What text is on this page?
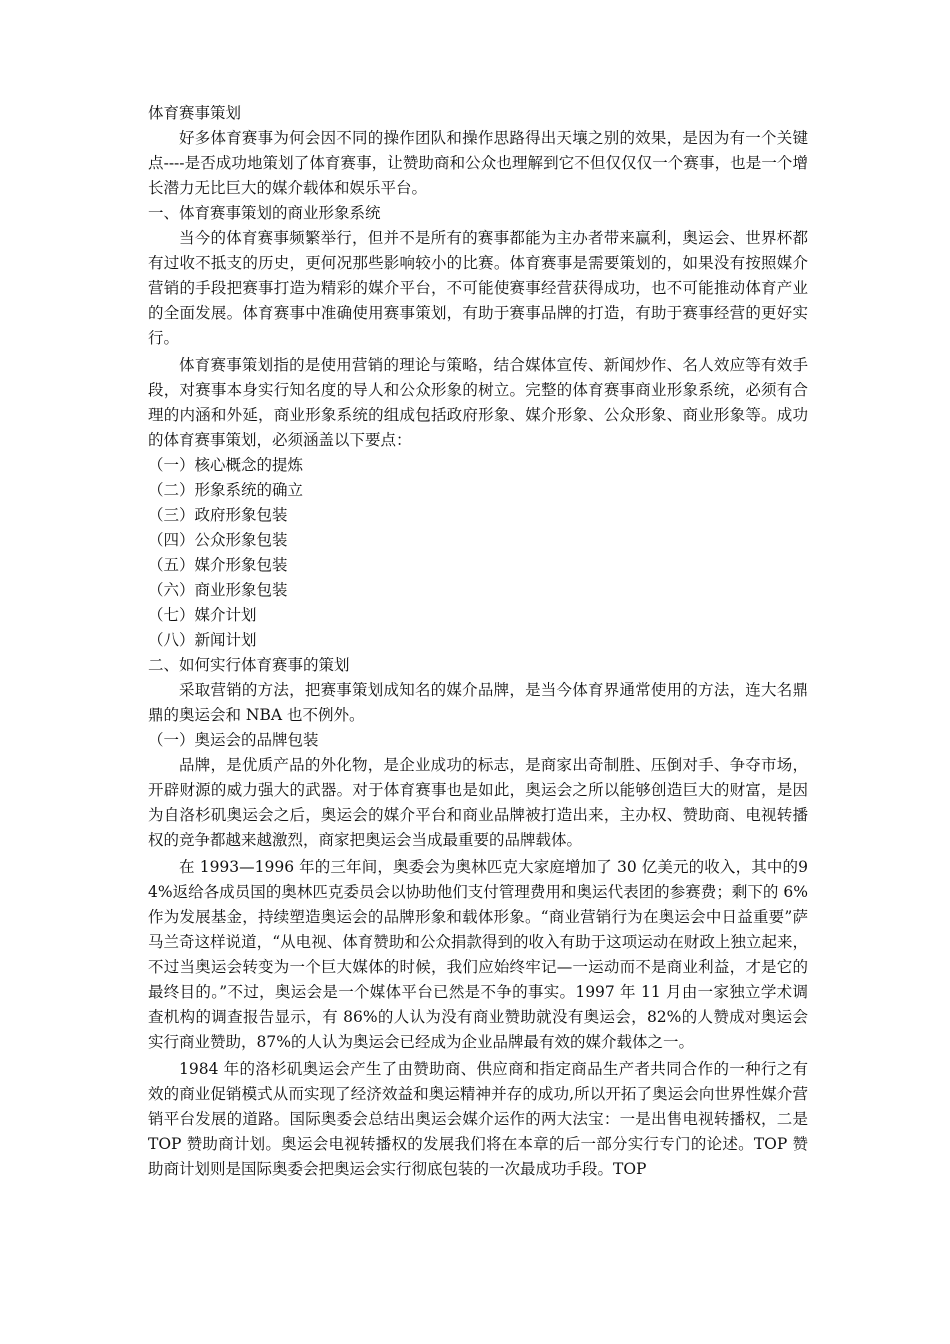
体育赛事策划

好多体育赛事为何会因不同的操作团队和操作思路得出天壤之别的效果，是因为有一个关键点----是否成功地策划了体育赛事，让赞助商和公众也理解到它不但仅仅仅一个赛事，也是一个增长潜力无比巨大的媒介载体和娱乐平台。

一、体育赛事策划的商业形象系统

当今的体育赛事频繁举行，但并不是所有的赛事都能为主办者带来赢利，奥运会、世界杯都有过收不抵支的历史，更何况那些影响较小的比赛。体育赛事是需要策划的，如果没有按照媒介营销的手段把赛事打造为精彩的媒介平台，不可能使赛事经营获得成功，也不可能推动体育产业的全面发展。体育赛事中准确使用赛事策划，有助于赛事品牌的打造，有助于赛事经营的更好实行。

体育赛事策划指的是使用营销的理论与策略，结合媒体宣传、新闻炒作、名人效应等有效手段，对赛事本身实行知名度的导人和公众形象的树立。完整的体育赛事商业形象系统，必须有合理的内涵和外延，商业形象系统的组成包括政府形象、媒介形象、公众形象、商业形象等。成功的体育赛事策划，必须涵盖以下要点：

（一）核心概念的提炼

（二）形象系统的确立

（三）政府形象包装

（四）公众形象包装

（五）媒介形象包装

（六）商业形象包装

（七）媒介计划

（八）新闻计划

二、如何实行体育赛事的策划

采取营销的方法，把赛事策划成知名的媒介品牌，是当今体育界通常使用的方法，连大名鼎鼎的奥运会和 NBA 也不例外。

（一）奥运会的品牌包装

品牌，是优质产品的外化物，是企业成功的标志，是商家出奇制胜、压倒对手、争夺市场，开辟财源的威力强大的武器。对于体育赛事也是如此，奥运会之所以能够创造巨大的财富，是因为自洛杉矶奥运会之后，奥运会的媒介平台和商业品牌被打造出来，主办权、赞助商、电视转播权的竞争都越来越激烈，商家把奥运会当成最重要的品牌载体。

在 1993—1996 年的三年间，奥委会为奥林匹克大家庭增加了 30 亿美元的收入，其中的94%返给各成员国的奥林匹克委员会以协助他们支付管理费用和奥运代表团的参赛费；剩下的 6%作为发展基金，持续塑造奥运会的品牌形象和载体形象。“商业营销行为在奥运会中日益重要”萨马兰奇这样说道，“从电视、体育赞助和公众捐款得到的收入有助于这项运动在财政上独立起来，不过当奥运会转变为一个巨大媒体的时候，我们应始终牢记—一运动而不是商业利益，才是它的最终目的。”不过，奥运会是一个媒体平台已然是不争的事实。1997 年 11 月由一家独立学术调查机构的调查报告显示，有 86%的人认为没有商业赞助就没有奥运会，82%的人赞成对奥运会实行商业赞助，87%的人认为奥运会已经成为企业品牌最有效的媒介载体之一。

1984 年的洛杉矶奥运会产生了由赞助商、供应商和指定商品生产者共同合作的一种行之有效的商业促销模式从而实现了经济效益和奥运精神并存的成功,所以开拓了奥运会向世界性媒介营销平台发展的道路。国际奥委会总结出奥运会媒介运作的两大法宝：一是出售电视转播权，二是 TOP 赞助商计划。奥运会电视转播权的发展我们将在本章的后一部分实行专门的论述。TOP 赞助商计划则是国际奥委会把奥运会实行彻底包装的一次最成功手段。TOP
